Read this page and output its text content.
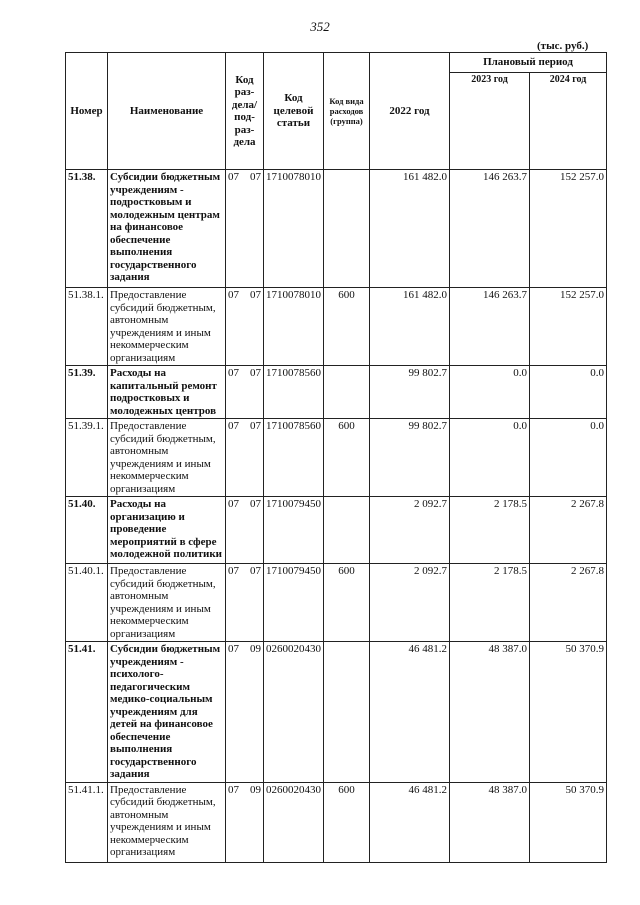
352
(тыс. руб.)
Номер	Наименование	Код раз-дела/ под-раз-дела	Код целевой статьи	Код вида расходов (группа)	2022 год	Плановый период	
						2023 год	2024 год
51.38.	Субсидии бюджетным учреждениям - подростковым и молодежным центрам на финансовое обеспечение выполнения государственного задания	07 07	1710078010		161 482.0	146 263.7	152 257.0
51.38.1.	Предоставление субсидий бюджетным, автономным учреждениям и иным некоммерческим организациям	07 07	1710078010	600	161 482.0	146 263.7	152 257.0
51.39.	Расходы на капитальный ремонт подростковых и молодежных центров	07 07	1710078560		99 802.7	0.0	0.0
51.39.1.	Предоставление субсидий бюджетным, автономным учреждениям и иным некоммерческим организациям	07 07	1710078560	600	99 802.7	0.0	0.0
51.40.	Расходы на организацию и проведение мероприятий в сфере молодежной политики	07 07	1710079450		2 092.7	2 178.5	2 267.8
51.40.1.	Предоставление субсидий бюджетным, автономным учреждениям и иным некоммерческим организациям	07 07	1710079450	600	2 092.7	2 178.5	2 267.8
51.41.	Субсидии бюджетным учреждениям - психолого-педагогическим медико-социальным учреждениям для детей на финансовое обеспечение выполнения государственного задания	07 09	0260020430		46 481.2	48 387.0	50 370.9
51.41.1.	Предоставление субсидий бюджетным, автономным учреждениям и иным некоммерческим организациям	07 09	0260020430	600	46 481.2	48 387.0	50 370.9
